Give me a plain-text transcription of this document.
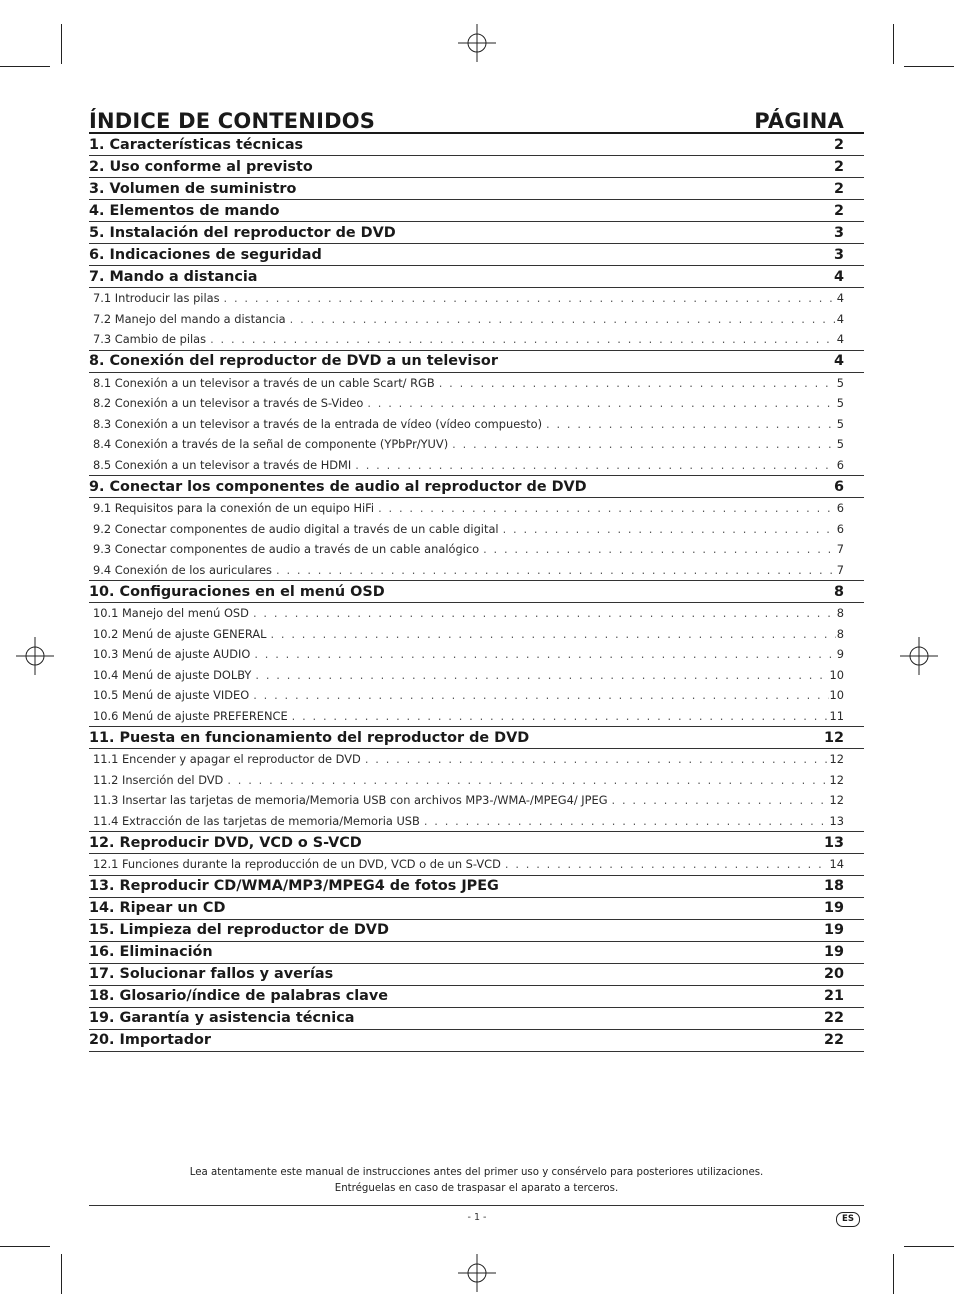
ÍNDICE DE CONTENIDOS	PÁGINA
1. Características técnicas	2
2. Uso conforme al previsto	2
3. Volumen de suministro	2
4. Elementos de mando	2
5. Instalación del reproductor de DVD	3
6. Indicaciones de seguridad	3
7. Mando a distancia	4
7.1 Introducir las pilas . . .	4
7.2 Manejo del mando a distancia . . .	4
7.3 Cambio de pilas . . .	4
8. Conexión del reproductor de DVD a un televisor	4
8.1 Conexión a un televisor a través de un cable Scart/ RGB . . .	5
8.2 Conexión a un televisor a través de S-Video . . .	5
8.3 Conexión a un televisor a través de la entrada de vídeo (vídeo compuesto) . . .	5
8.4 Conexión a través de la señal de componente (YPbPr/YUV) . . .	5
8.5 Conexión a un televisor a través de HDMI . . .	6
9. Conectar los componentes de audio al reproductor de DVD	6
9.1 Requisitos para la conexión de un equipo HiFi . . .	6
9.2 Conectar componentes de audio digital a través de un cable digital . . .	6
9.3 Conectar componentes de audio a través de un cable analógico . . .	7
9.4 Conexión de los auriculares . . .	7
10. Configuraciones en el menú OSD	8
10.1 Manejo del menú OSD . . .	8
10.2 Menú de ajuste GENERAL . . .	8
10.3 Menú de ajuste AUDIO . . .	9
10.4 Menú de ajuste DOLBY . . .	10
10.5 Menú de ajuste VIDEO . . .	10
10.6 Menú de ajuste PREFERENCE . . .	11
11. Puesta en funcionamiento del reproductor de DVD	12
11.1 Encender y apagar el reproductor de DVD . . .	12
11.2 Inserción del DVD . . .	12
11.3 Insertar las tarjetas de memoria/Memoria USB con archivos MP3-/WMA-/MPEG4/ JPEG . . .	12
11.4 Extracción de las tarjetas de memoria/Memoria USB . . .	13
12. Reproducir DVD, VCD o S-VCD	13
12.1 Funciones durante la reproducción de un DVD, VCD o de un S-VCD . . .	14
13. Reproducir CD/WMA/MP3/MPEG4 de fotos JPEG	18
14. Ripear un CD	19
15. Limpieza del reproductor de DVD	19
16. Eliminación	19
17. Solucionar fallos y averías	20
18. Glosario/índice de palabras clave	21
19. Garantía y asistencia técnica	22
20. Importador	22
Lea atentamente este manual de instrucciones antes del primer uso y consérvelo para posteriores utilizaciones.
Entréguelas en caso de traspasar el aparato a terceros.
- 1 -	ES
